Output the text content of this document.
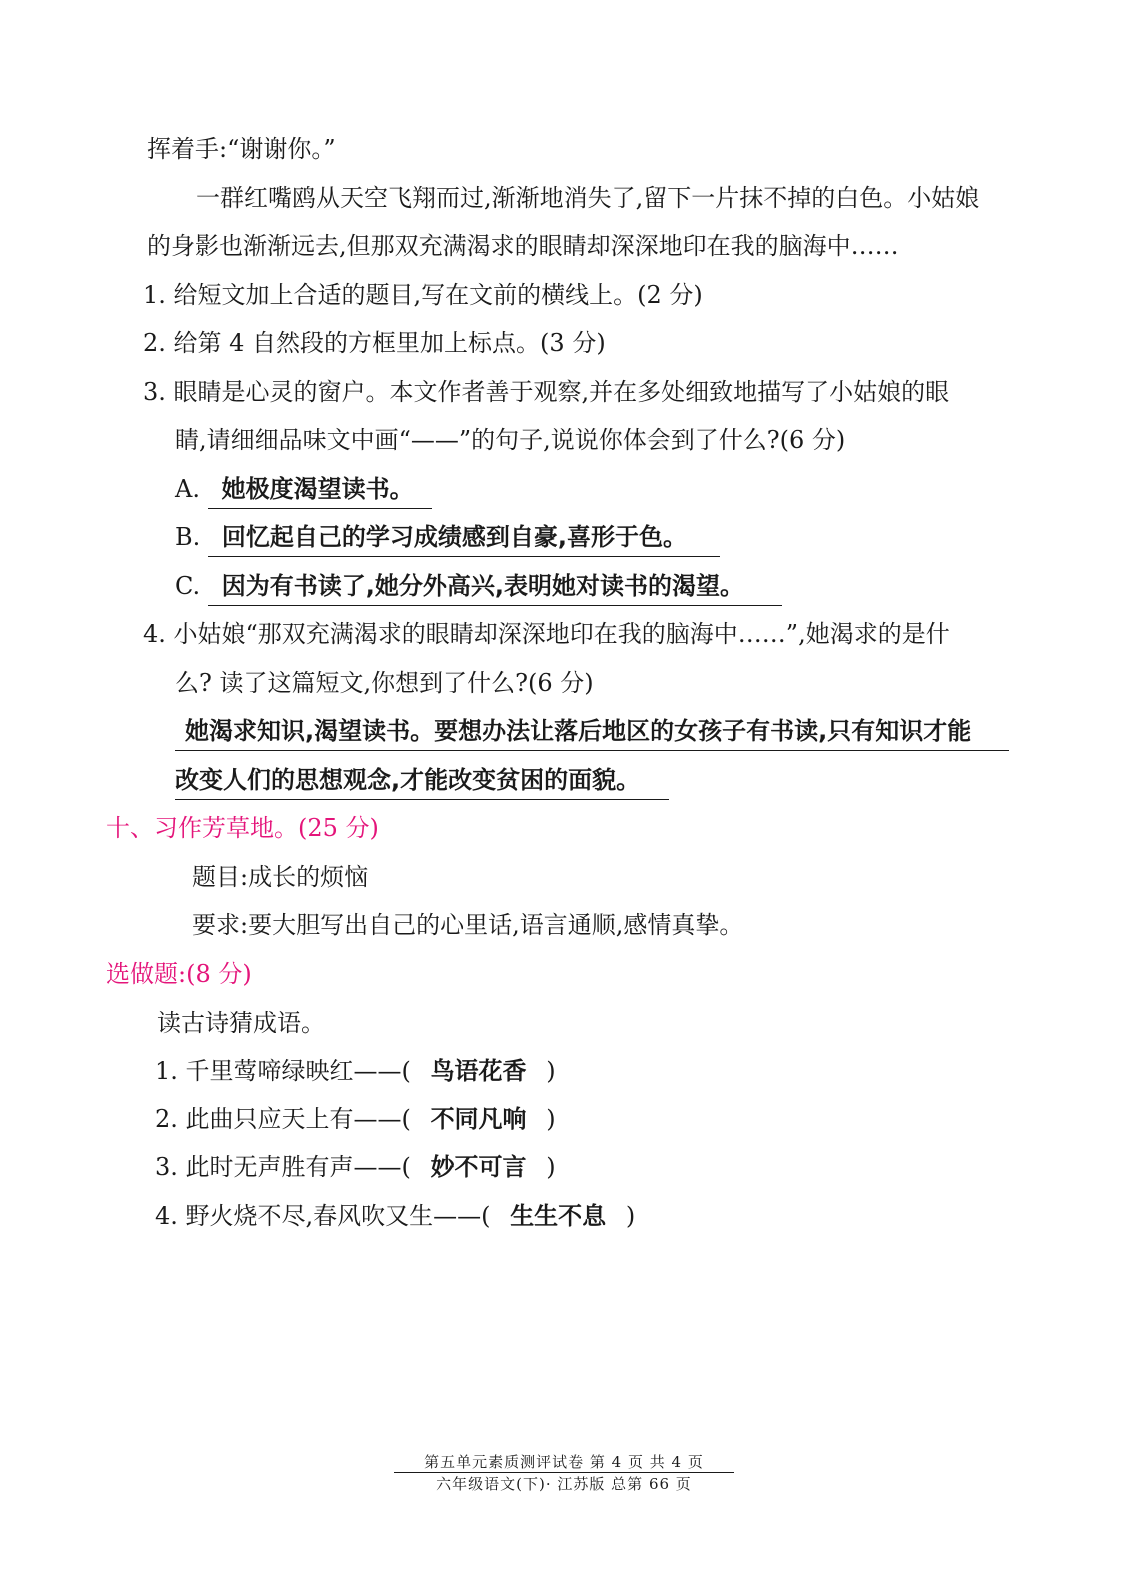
挥着手:“谢谢你。”
一群红嘴鸥从天空飞翔而过,渐渐地消失了,留下一片抹不掉的白色。小姑娘
的身影也渐渐远去,但那双充满渴求的眼睛却深深地印在我的脑海中……
1. 给短文加上合适的题目,写在文前的横线上。(2 分)
2. 给第 4 自然段的方框里加上标点。(3 分)
3. 眼睛是心灵的窗户。本文作者善于观察,并在多处细致地描写了小姑娘的眼
睛,请细细品味文中画“——”的句子,说说你体会到了什么?(6 分)
A. 她极度渴望读书。
B. 回忆起自己的学习成绩感到自豪,喜形于色。
C. 因为有书读了,她分外高兴,表明她对读书的渴望。
4. 小姑娘“那双充满渴求的眼睛却深深地印在我的脑海中……”,她渴求的是什
么? 读了这篇短文,你想到了什么?(6 分)
她渴求知识,渴望读书。要想办法让落后地区的女孩子有书读,只有知识才能
改变人们的思想观念,才能改变贫困的面貌。
十、习作芳草地。(25 分)
题目:成长的烦恼
要求:要大胆写出自己的心里话,语言通顺,感情真挚。
选做题:(8 分)
读古诗猜成语。
1. 千里莺啼绿映红——( 鸟语花香 )
2. 此曲只应天上有——( 不同凡响 )
3. 此时无声胜有声——( 妙不可言 )
4. 野火烧不尽,春风吹又生——( 生生不息 )
第五单元素质测评试卷 第 4 页 共 4 页
六年级语文(下)· 江苏版 总第 66 页
